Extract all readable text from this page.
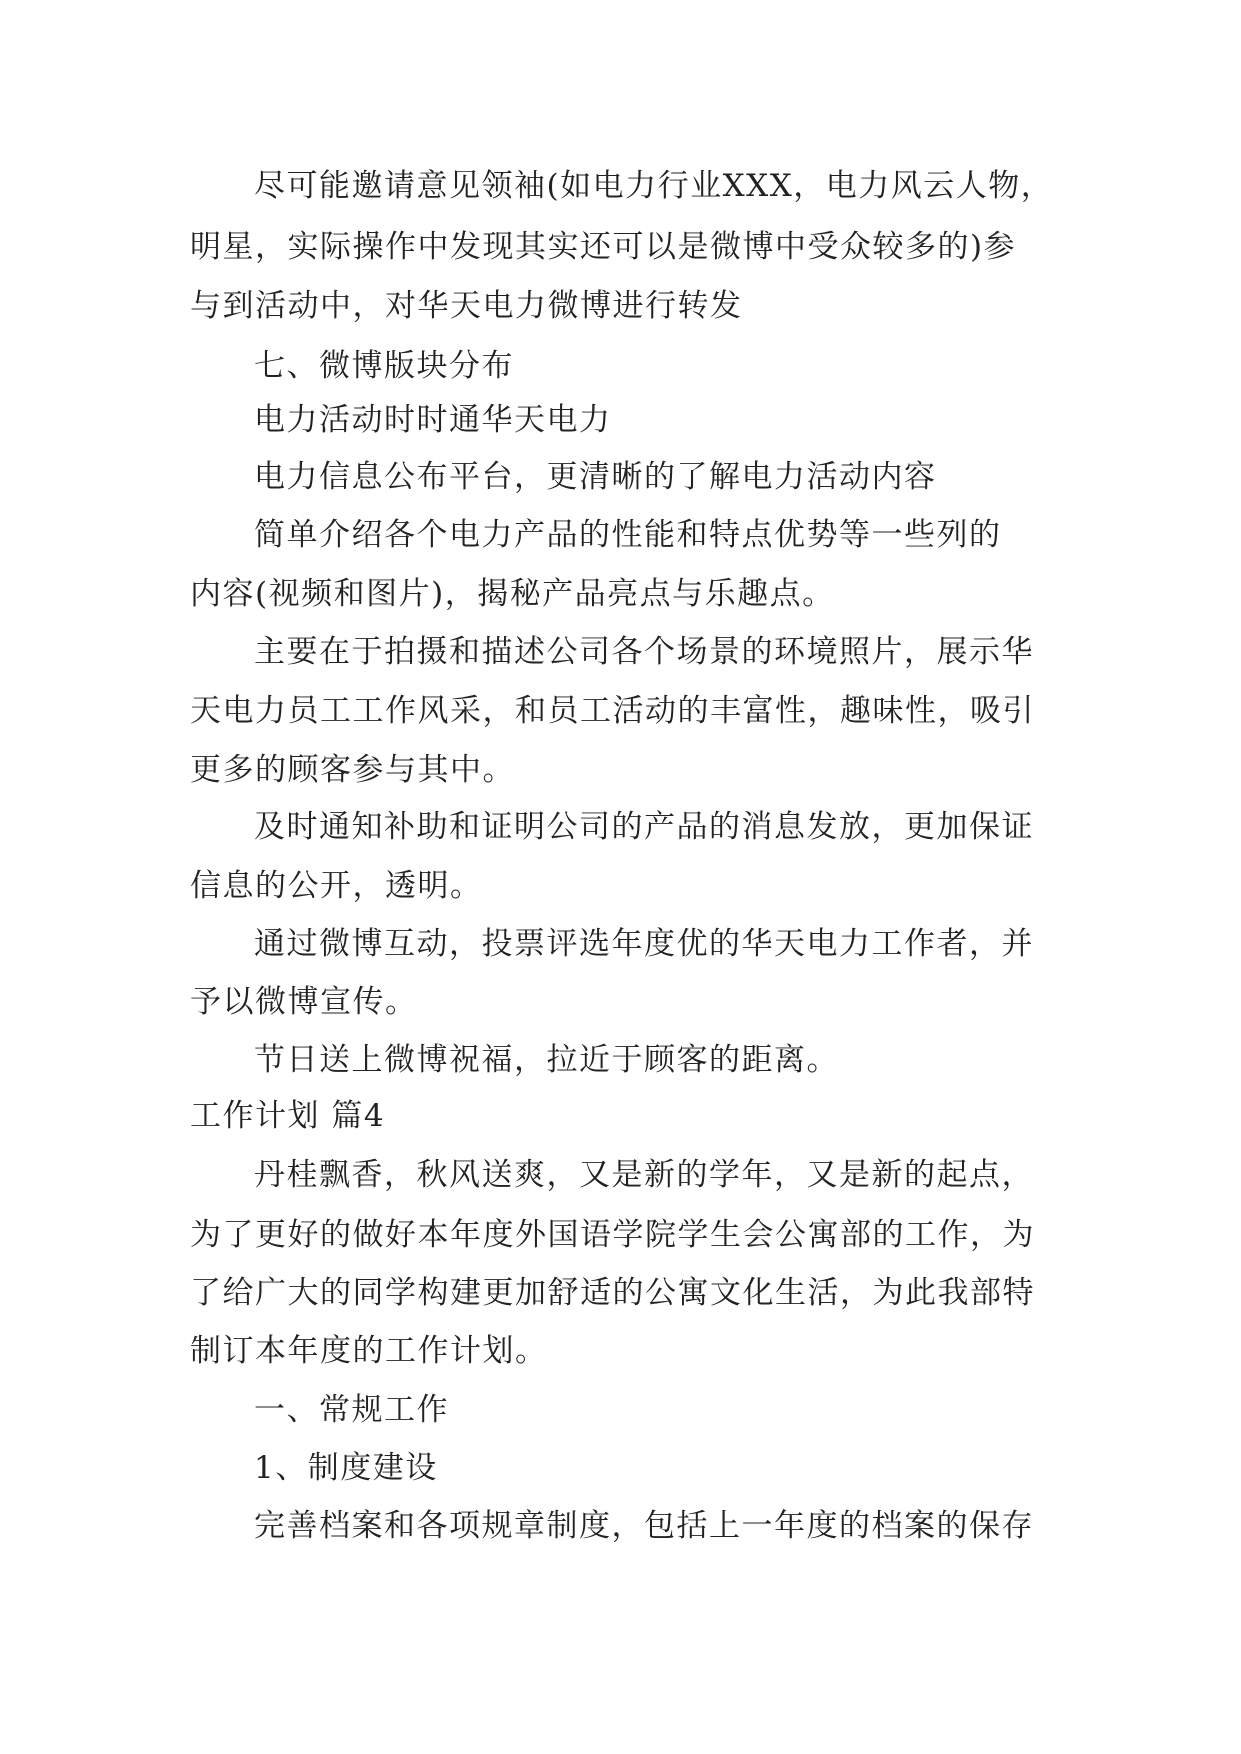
尽可能邀请意见领袖(如电力行业XXX，电力风云人物，
明星，实际操作中发现其实还可以是微博中受众较多的)参
与到活动中，对华天电力微博进行转发
七、微博版块分布
电力活动时时通华天电力
电力信息公布平台，更清晰的了解电力活动内容
简单介绍各个电力产品的性能和特点优势等一些列的
内容(视频和图片)，揭秘产品亮点与乐趣点。
主要在于拍摄和描述公司各个场景的环境照片，展示华
天电力员工工作风采，和员工活动的丰富性，趣味性，吸引
更多的顾客参与其中。
及时通知补助和证明公司的产品的消息发放，更加保证
信息的公开，透明。
通过微博互动，投票评选年度优的华天电力工作者，并
予以微博宣传。
节日送上微博祝福，拉近于顾客的距离。
工作计划 篇4
丹桂飘香，秋风送爽，又是新的学年，又是新的起点，
为了更好的做好本年度外国语学院学生会公寓部的工作，为
了给广大的同学构建更加舒适的公寓文化生活，为此我部特
制订本年度的工作计划。
一、常规工作
1、制度建设
完善档案和各项规章制度，包括上一年度的档案的保存
